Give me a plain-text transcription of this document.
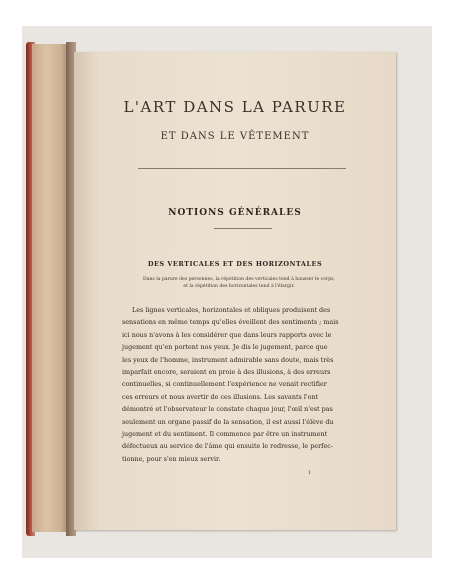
L'ART DANS LA PARURE
ET DANS LE VÊTEMENT
NOTIONS GÉNÉRALES
DES VERTICALES ET DES HORIZONTALES
Dans la parure des personnes, la répétition des verticales tend à hausser le corps,
et la répétition des horizontales tend à l'élargir.
Les lignes verticales, horizontales et obliques produisent des
sensations en même temps qu'elles éveillent des sentiments ; mais
ici nous n'avons à les considérer que dans leurs rapports avec le
jugement qu'en portent nos yeux. Je dis le jugement, parce que
les yeux de l'homme, instrument admirable sans doute, mais très
imparfait encore, seraient en proie à des illusions, à des erreurs
continuelles, si continuellement l'expérience ne venait rectifier
ces erreurs et nous avertir de ces illusions. Les savants l'ont
démontré et l'observateur le constate chaque jour, l'œil n'est pas
seulement un organe passif de la sensation, il est aussi l'élève du
jugement et du sentiment. Il commence par être un instrument
défectueux au service de l'âme qui ensuite le redresse, le perfec-
tionne, pour s'en mieux servir.
1
